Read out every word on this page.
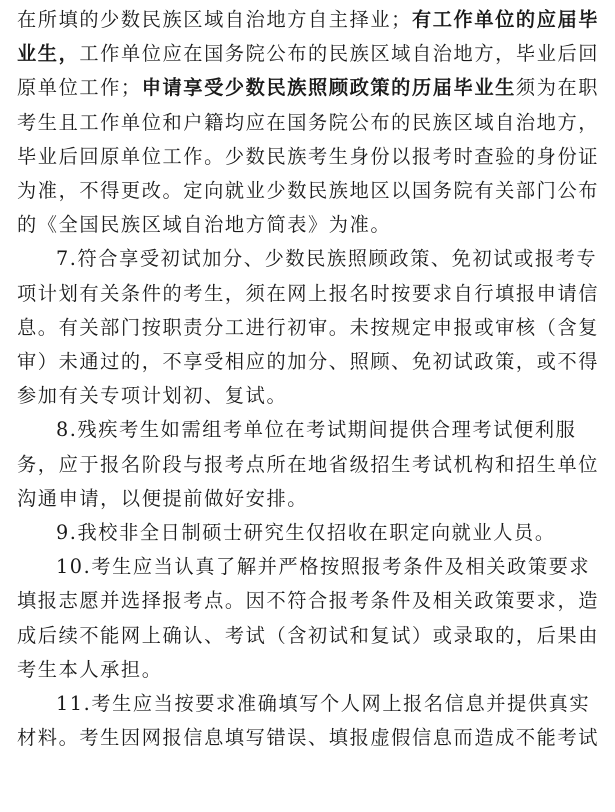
在所填的少数民族区域自治地方自主择业；有工作单位的应届毕
业生，工作单位应在国务院公布的民族区域自治地方，毕业后回
原单位工作；申请享受少数民族照顾政策的历届毕业生须为在职
考生且工作单位和户籍均应在国务院公布的民族区域自治地方，
毕业后回原单位工作。少数民族考生身份以报考时查验的身份证
为准，不得更改。定向就业少数民族地区以国务院有关部门公布
的《全国民族区域自治地方简表》为准。
7.符合享受初试加分、少数民族照顾政策、免初试或报考专
项计划有关条件的考生，须在网上报名时按要求自行填报申请信
息。有关部门按职责分工进行初审。未按规定申报或审核（含复
审）未通过的，不享受相应的加分、照顾、免初试政策，或不得
参加有关专项计划初、复试。
8.残疾考生如需组考单位在考试期间提供合理考试便利服
务，应于报名阶段与报考点所在地省级招生考试机构和招生单位
沟通申请，以便提前做好安排。
9.我校非全日制硕士研究生仅招收在职定向就业人员。
10.考生应当认真了解并严格按照报考条件及相关政策要求
填报志愿并选择报考点。因不符合报考条件及相关政策要求，造
成后续不能网上确认、考试（含初试和复试）或录取的，后果由
考生本人承担。
11.考生应当按要求准确填写个人网上报名信息并提供真实
材料。考生因网报信息填写错误、填报虚假信息而造成不能考试
